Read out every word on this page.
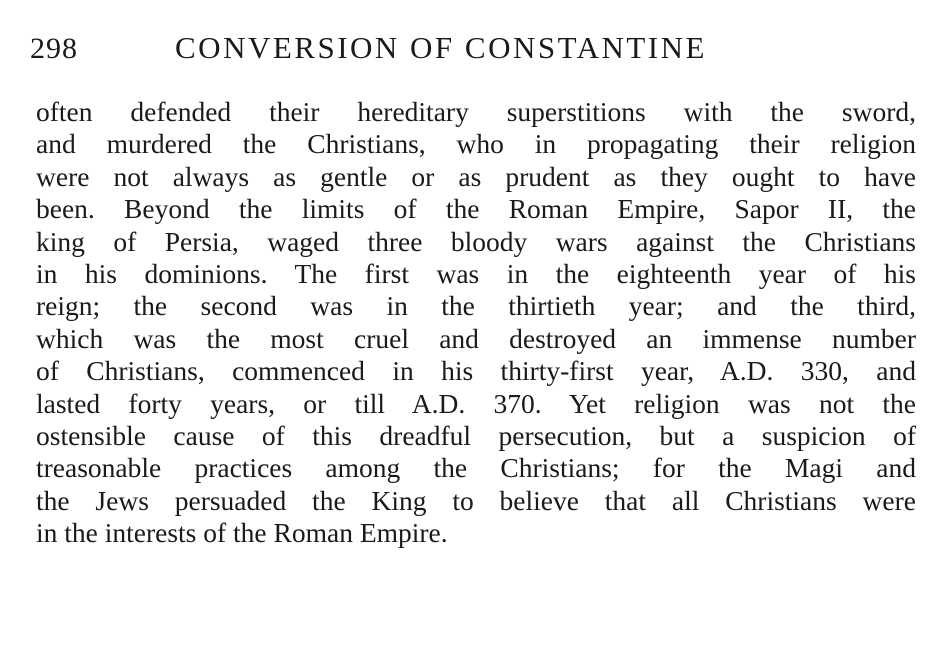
298	CONVERSION OF CONSTANTINE
often defended their hereditary superstitions with the sword,
and murdered the Christians, who in propagating their religion
were not always as gentle or as prudent as they ought to have
been. Beyond the limits of the Roman Empire, Sapor II, the
king of Persia, waged three bloody wars against the Christians
in his dominions. The first was in the eighteenth year of his
reign; the second was in the thirtieth year; and the third,
which was the most cruel and destroyed an immense number
of Christians, commenced in his thirty-first year, A.D. 330, and
lasted forty years, or till A.D. 370. Yet religion was not the
ostensible cause of this dreadful persecution, but a suspicion of
treasonable practices among the Christians; for the Magi and
the Jews persuaded the King to believe that all Christians were
in the interests of the Roman Empire.
